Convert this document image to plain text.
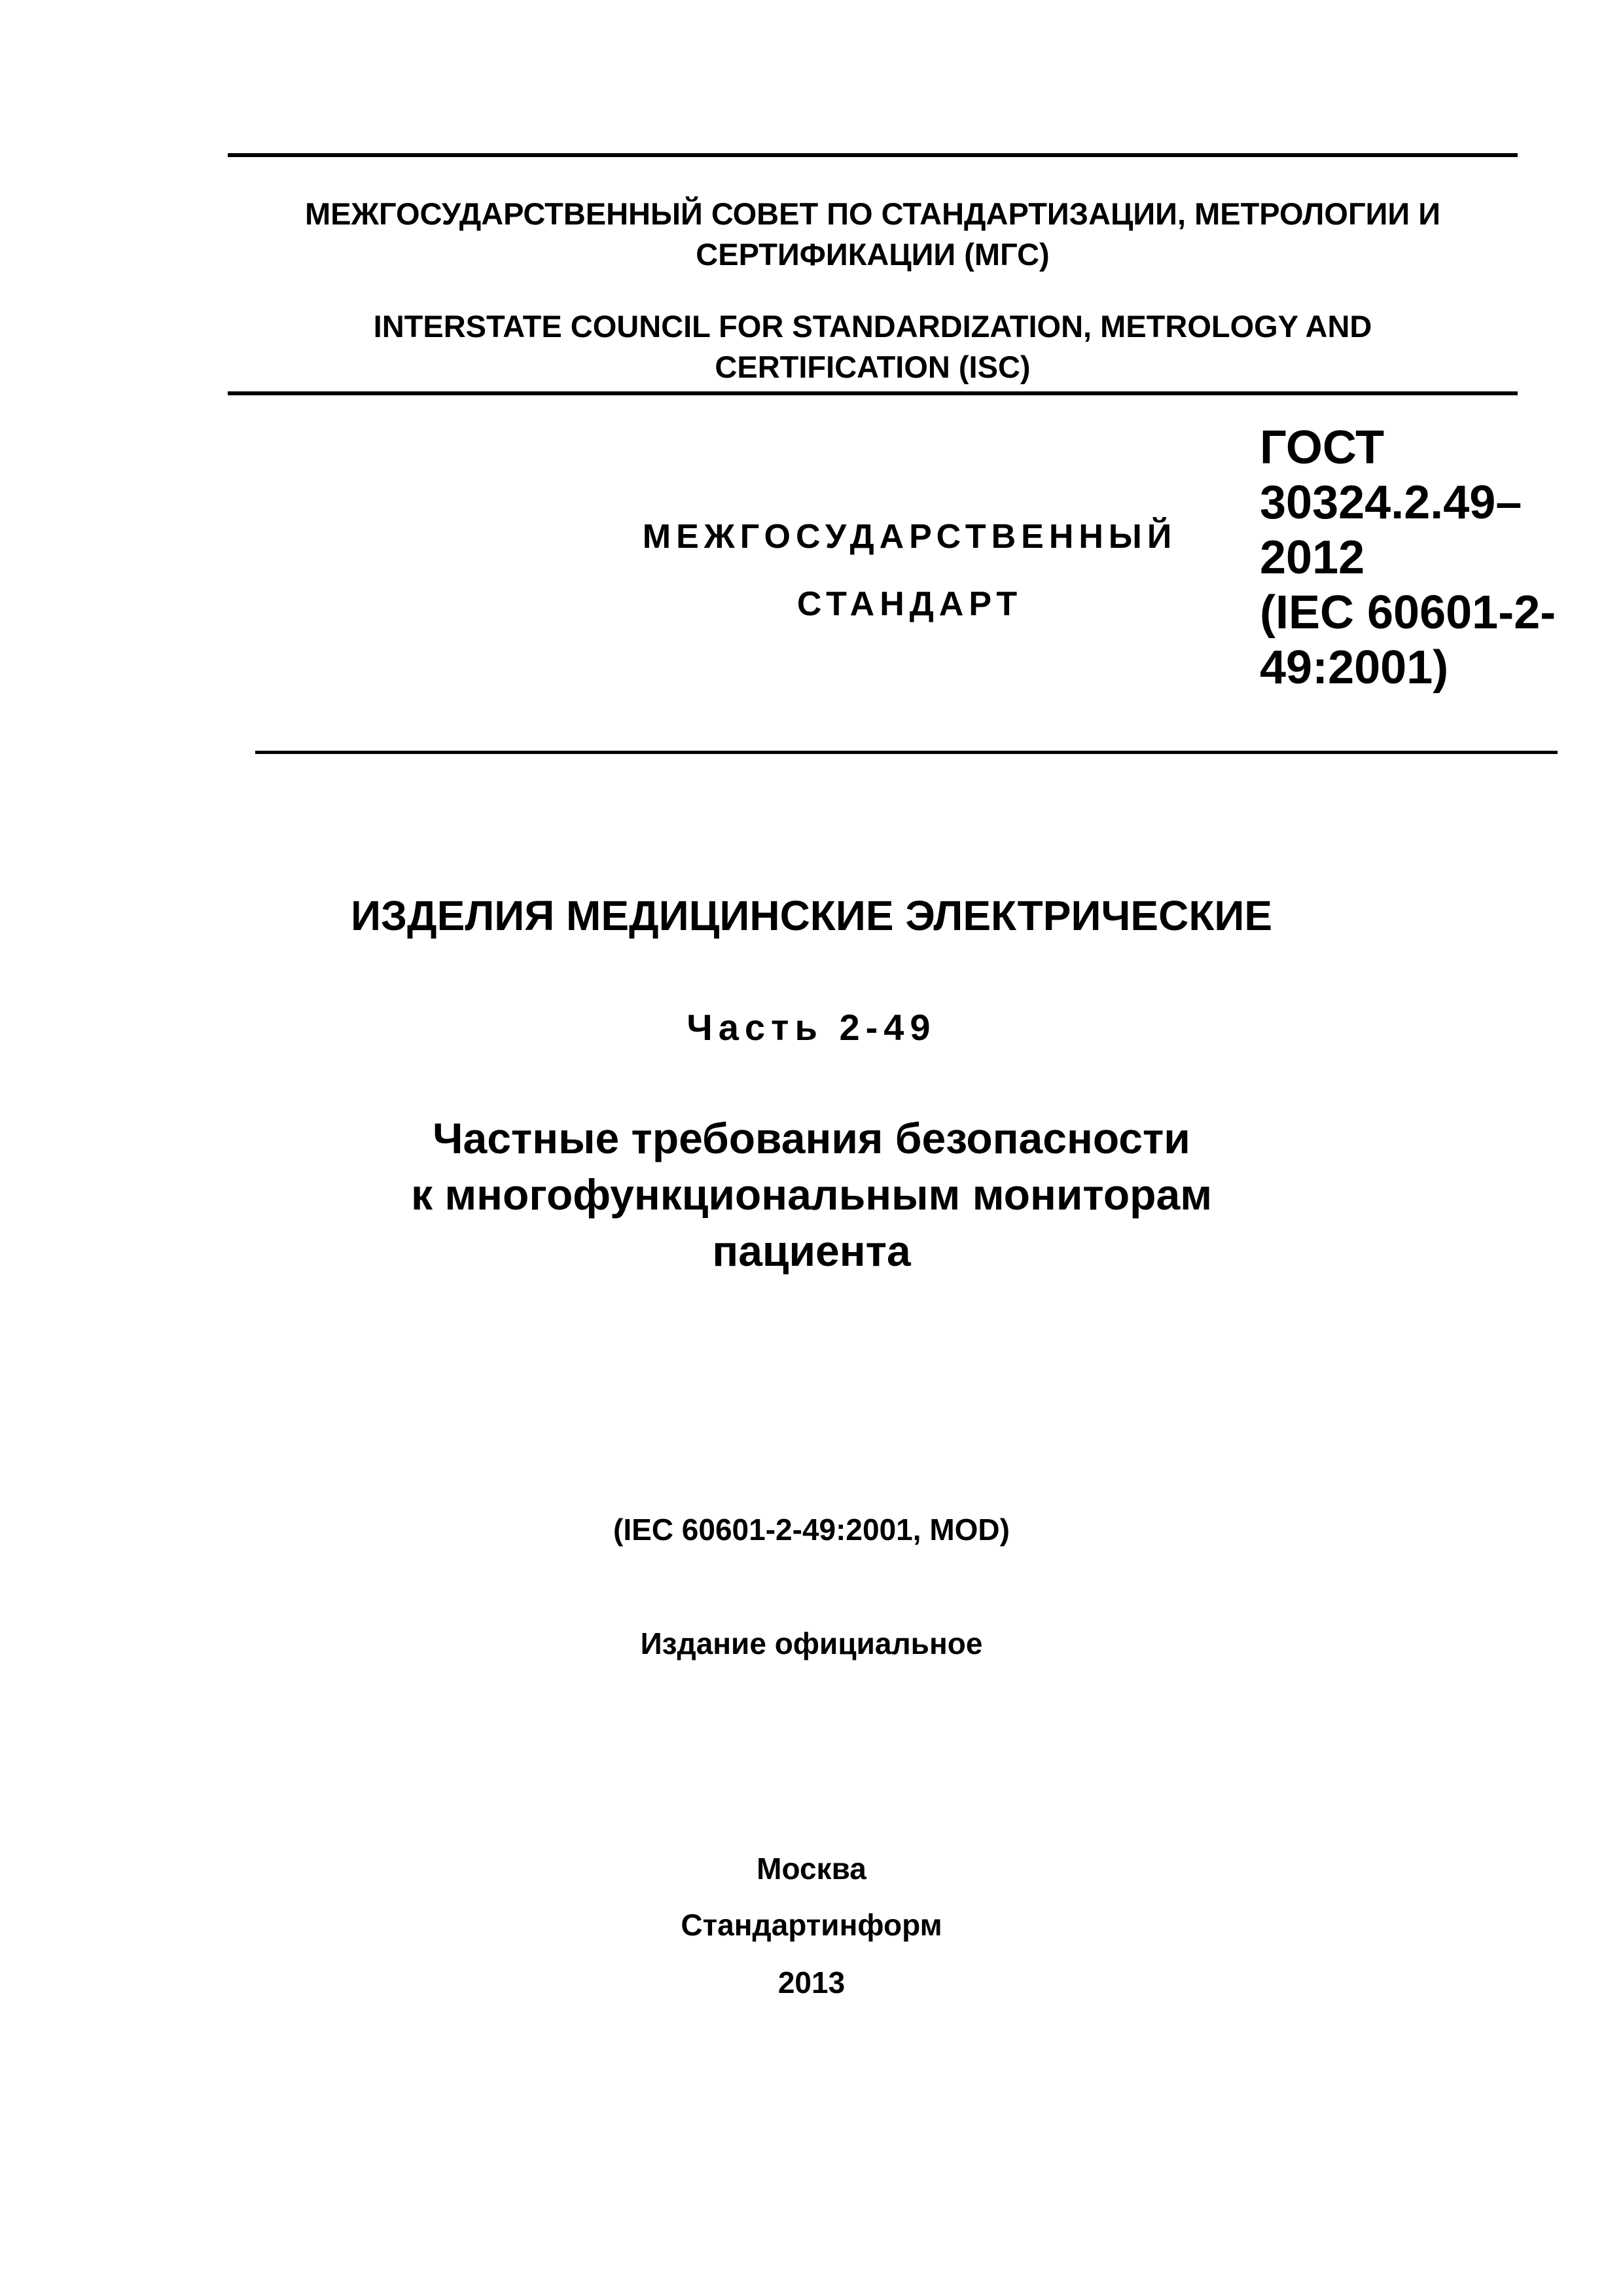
МЕЖГОСУДАРСТВЕННЫЙ СОВЕТ ПО СТАНДАРТИЗАЦИИ, МЕТРОЛОГИИ И
СЕРТИФИКАЦИИ (МГС)
INTERSTATE COUNCIL FOR STANDARDIZATION, METROLOGY AND
CERTIFICATION (ISC)
МЕЖГОСУДАРСТВЕННЫЙ
СТАНДАРТ
ГОСТ
30324.2.49–
2012
(IEC 60601-2-
49:2001)
ИЗДЕЛИЯ МЕДИЦИНСКИЕ ЭЛЕКТРИЧЕСКИЕ
Часть 2-49
Частные требования безопасности
к многофункциональным мониторам
пациента
(IEC 60601-2-49:2001, MOD)
Издание официальное
Москва
Стандартинформ
2013
